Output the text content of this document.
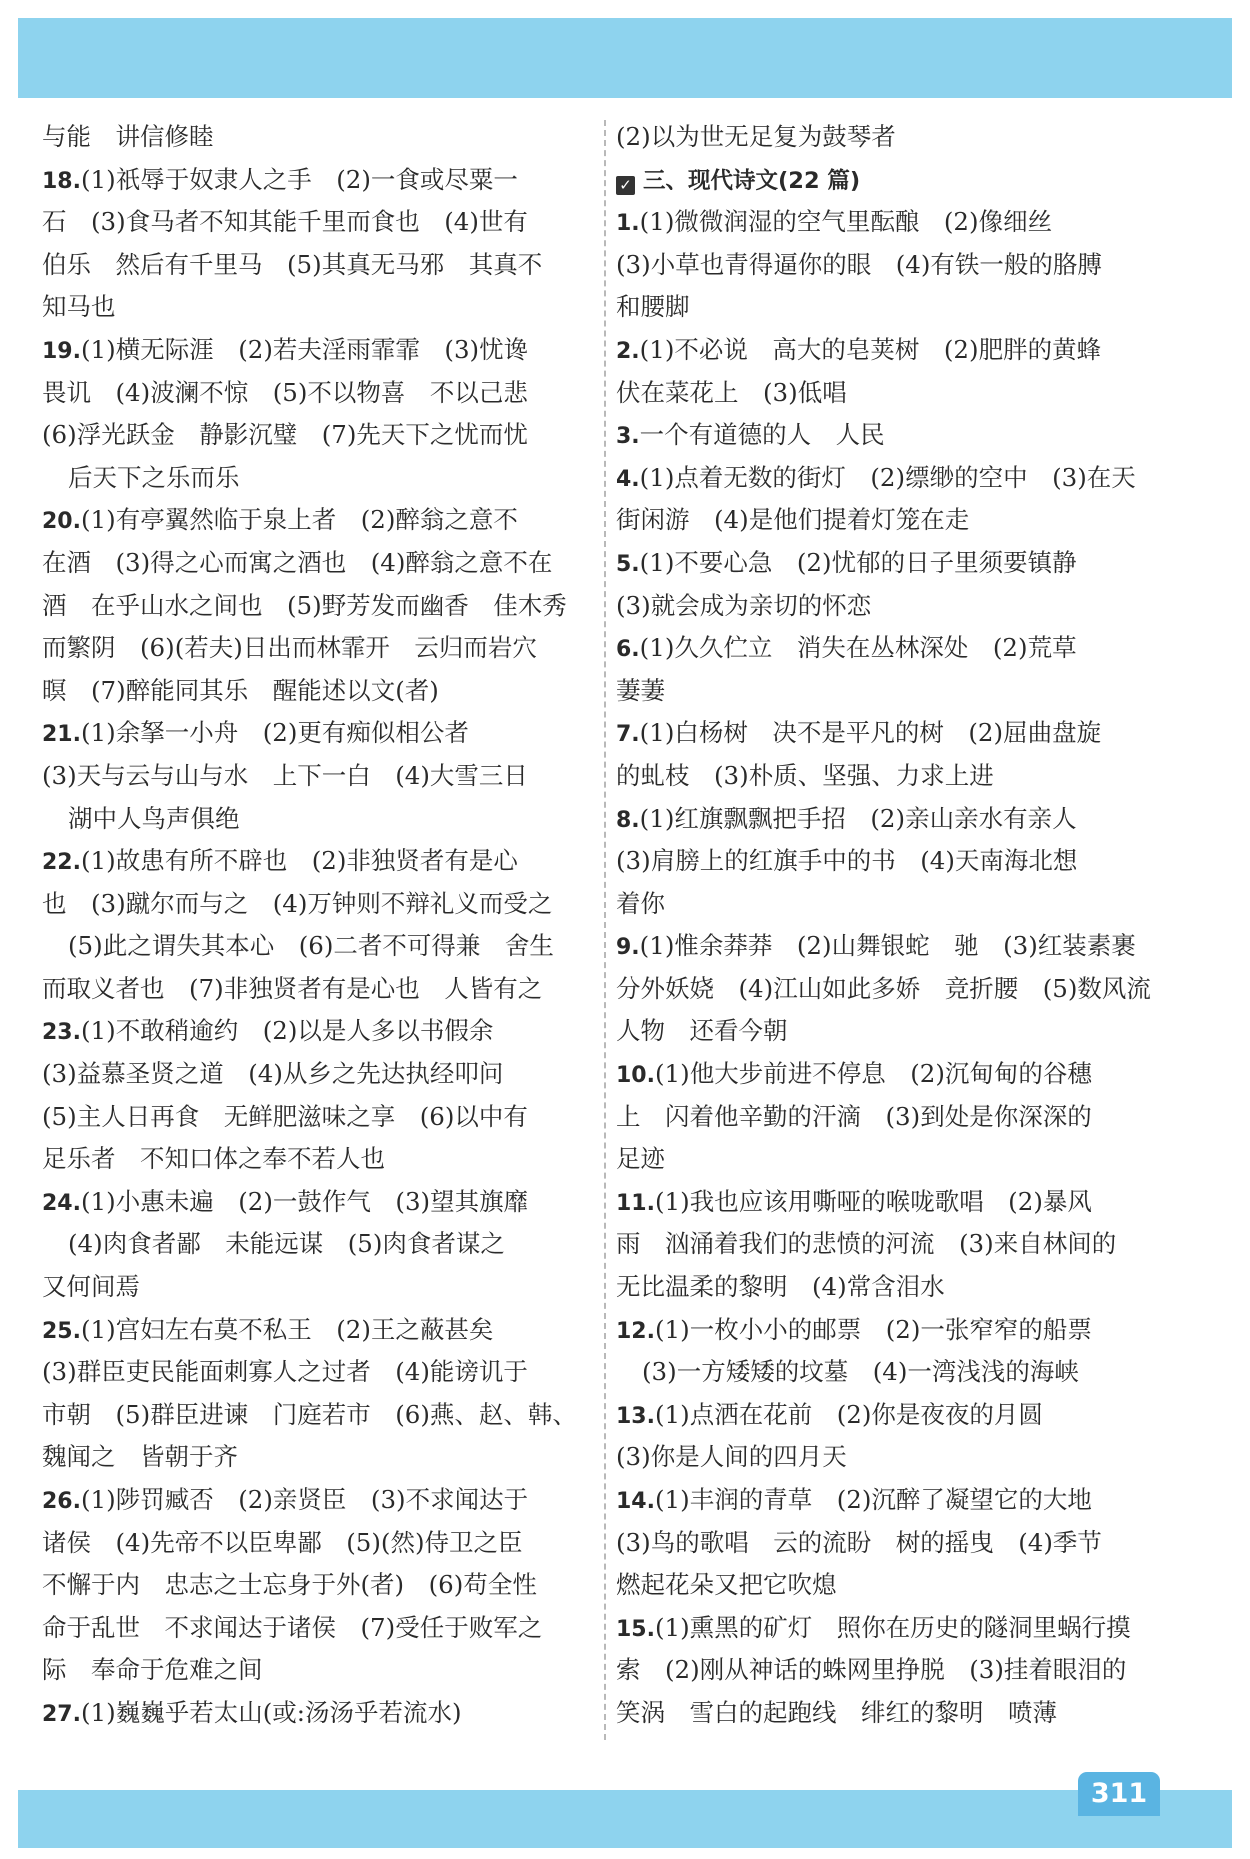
与能　讲信修睦
18.(1)祇辱于奴隶人之手　(2)一食或尽粟一
石　(3)食马者不知其能千里而食也　(4)世有
伯乐　然后有千里马　(5)其真无马邪　其真不
知马也
19.(1)横无际涯　(2)若夫淫雨霏霏　(3)忧谗
畏讥　(4)波澜不惊　(5)不以物喜　不以己悲
(6)浮光跃金　静影沉璧　(7)先天下之忧而忧
后天下之乐而乐
20.(1)有亭翼然临于泉上者　(2)醉翁之意不
在酒　(3)得之心而寓之酒也　(4)醉翁之意不在
酒　在乎山水之间也　(5)野芳发而幽香　佳木秀
而繁阴　(6)(若夫)日出而林霏开　云归而岩穴
暝　(7)醉能同其乐　醒能述以文(者)
21.(1)余拏一小舟　(2)更有痴似相公者
(3)天与云与山与水　上下一白　(4)大雪三日
湖中人鸟声俱绝
22.(1)故患有所不辟也　(2)非独贤者有是心
也　(3)蹴尔而与之　(4)万钟则不辩礼义而受之
(5)此之谓失其本心　(6)二者不可得兼　舍生
而取义者也　(7)非独贤者有是心也　人皆有之
23.(1)不敢稍逾约　(2)以是人多以书假余
(3)益慕圣贤之道　(4)从乡之先达执经叩问
(5)主人日再食　无鲜肥滋味之享　(6)以中有
足乐者　不知口体之奉不若人也
24.(1)小惠未遍　(2)一鼓作气　(3)望其旗靡
(4)肉食者鄙　未能远谋　(5)肉食者谋之
又何间焉
25.(1)宫妇左右莫不私王　(2)王之蔽甚矣
(3)群臣吏民能面刺寡人之过者　(4)能谤讥于
市朝　(5)群臣进谏　门庭若市　(6)燕、赵、韩、
魏闻之　皆朝于齐
26.(1)陟罚臧否　(2)亲贤臣　(3)不求闻达于
诸侯　(4)先帝不以臣卑鄙　(5)(然)侍卫之臣
不懈于内　忠志之士忘身于外(者)　(6)苟全性
命于乱世　不求闻达于诸侯　(7)受任于败军之
际　奉命于危难之间
27.(1)巍巍乎若太山(或:汤汤乎若流水)
(2)以为世无足复为鼓琴者
✓ 三、现代诗文(22 篇)
1.(1)微微润湿的空气里酝酿　(2)像细丝
(3)小草也青得逼你的眼　(4)有铁一般的胳膊
和腰脚
2.(1)不必说　高大的皂荚树　(2)肥胖的黄蜂
伏在菜花上　(3)低唱
3.一个有道德的人　人民
4.(1)点着无数的街灯　(2)缥缈的空中　(3)在天
街闲游　(4)是他们提着灯笼在走
5.(1)不要心急　(2)忧郁的日子里须要镇静
(3)就会成为亲切的怀恋
6.(1)久久伫立　消失在丛林深处　(2)荒草
萋萋
7.(1)白杨树　决不是平凡的树　(2)屈曲盘旋
的虬枝　(3)朴质、坚强、力求上进
8.(1)红旗飘飘把手招　(2)亲山亲水有亲人
(3)肩膀上的红旗手中的书　(4)天南海北想
着你
9.(1)惟余莽莽　(2)山舞银蛇　驰　(3)红装素裹
分外妖娆　(4)江山如此多娇　竞折腰　(5)数风流
人物　还看今朝
10.(1)他大步前进不停息　(2)沉甸甸的谷穗
上　闪着他辛勤的汗滴　(3)到处是你深深的
足迹
11.(1)我也应该用嘶哑的喉咙歌唱　(2)暴风
雨　汹涌着我们的悲愤的河流　(3)来自林间的
无比温柔的黎明　(4)常含泪水
12.(1)一枚小小的邮票　(2)一张窄窄的船票
(3)一方矮矮的坟墓　(4)一湾浅浅的海峡
13.(1)点洒在花前　(2)你是夜夜的月圆
(3)你是人间的四月天
14.(1)丰润的青草　(2)沉醉了凝望它的大地
(3)鸟的歌唱　云的流盼　树的摇曳　(4)季节
燃起花朵又把它吹熄
15.(1)熏黑的矿灯　照你在历史的隧洞里蜗行摸
索　(2)刚从神话的蛛网里挣脱　(3)挂着眼泪的
笑涡　雪白的起跑线　绯红的黎明　喷薄
311
